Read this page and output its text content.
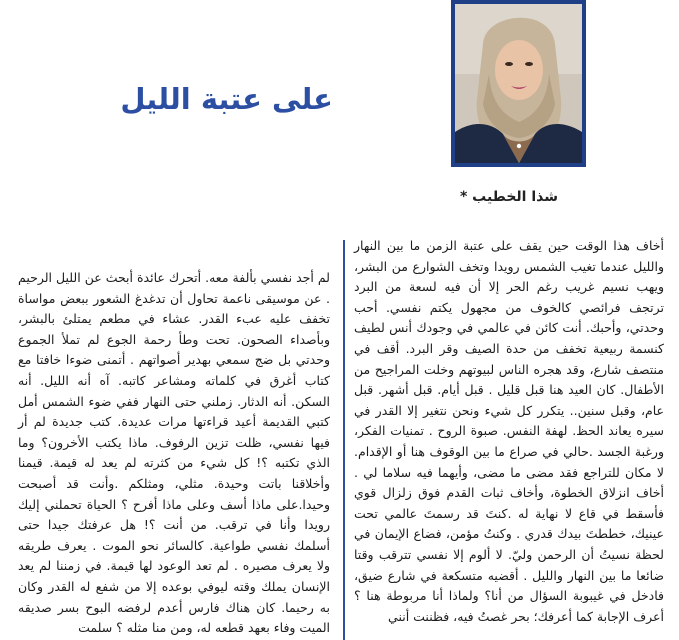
على عتبة الليل
شذا الخطيب *

أخاف هذا الوقت حين يقف على عتبة الزمن ما بين النهار والليل عندما تغيب الشمس رويدا وتخف الشوارع من البشر، ويهب نسيم غريب رغم الحر إلا أن فيه لسعة من البرد ترتجف فرائصي كالخوف من مجهول يكتم نفسي. أحب وحدتي، وأحبك. أنت كائن في عالمي في وجودك أنس لطيف كنسمة ربيعية تخفف من حدة الصيف وقر البرد. أقف في منتصف شارع، وقد هجره الناس لبيوتهم وخلت المراجيح من الأطفال. كان العيد هنا قبل قليل . قبل أيام. قبل أشهر. قبل عام، وقبل سنين.. يتكرر كل شيء ونحن نتغير إلا القدر في سيره يعاند الحظ. لهفة النفس. صبوة الروح . تمنيات الفكر، ورغبة الجسد .حالي في صراع ما بين الوقوف هنا أو الإقدام. لا مكان للتراجع فقد مضى ما مضى، وأيهما فيه سلاما لي . أخاف انزلاق الخطوة، وأخاف ثبات القدم فوق زلزال قوي فأسقط في قاع لا نهاية له .كنتَ قد رسمتَ عالمي تحت عينيك، خططتَ بيدك قدري . وكنتُ مؤمن، فضاع الإيمان في لحظة نسيتُ أن الرحمن وليّ. لا ألوم إلا نفسي تترقب وقتا ضائعا ما بين النهار والليل . أقضيه متسكعة في شارع ضيق، فادخل في غيبوبة السؤال من أنا؟ ولماذا أنا مربوطة هنا ؟ أعرف الإجابة كما أعرفك؛ بحر غصتُ فيه، فظننت أنني

لم أجد نفسي بألفة معه. أتحرك عائدة أبحث عن الليل الرحيم . عن موسيقى ناعمة تحاول أن تدغدغ الشعور ببعض مواساة تخفف عليه عبء القدر. عشاء في مطعم يمتلئ بالبشر، وبأصداء الصحون. تحت وطأ رحمة الجوع لم تملأ الجموع وحدتي بل ضج سمعي بهدير أصواتهم . أتمنى ضوءا خافتا مع كتاب أغرق في كلماته ومشاعر كاتبه. آه أنه الليل. أنه السكن. أنه الدثار. زملني حتى النهار ففي ضوء الشمس أمل كتبي القديمة أعيد قراءتها مرات عديدة. كتب جديدة لم أر فيها نفسي، ظلت تزين الرفوف. ماذا يكتب الأخرون؟ وما الذي تكتبه ؟! كل شيء من كثرته لم يعد له قيمة. قيمنا وأخلاقنا باتت وحيدة. مثلي، ومثلكم .وأنت قد أصبحت وحيدا.على ماذا أسف وعلى ماذا أفرح ؟ الحياة تحملني إليك رويدا وأنا في ترقب. من أنت ؟! هل عرفتك جيدا حتى أسلمك نفسي طواعية. كالسائر نحو الموت . يعرف طريقه ولا يعرف مصيره . لم تعد الوعود لها قيمة. في زمننا لم يعد الإنسان يملك وقته ليوفي بوعده إلا من شفع له القدر وكان به رحيما. كان هناك فارس أعدم لرفضه البوح بسر صديقه الميت وفاء بعهد قطعه له، ومن منا مثله ؟ سلمت
